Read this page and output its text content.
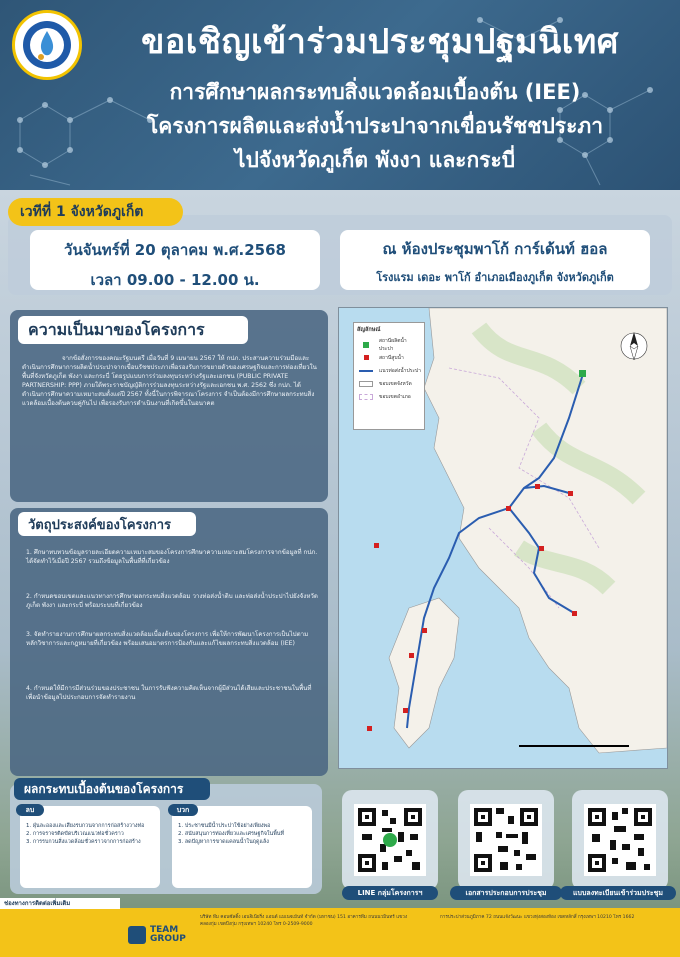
ขอเชิญเข้าร่วมประชุมปฐมนิเทศ
การศึกษาผลกระทบสิ่งแวดล้อมเบื้องต้น (IEE)
โครงการผลิตและส่งน้ำประปาจากเขื่อนรัชชประภา
ไปจังหวัดภูเก็ต พังงา และกระบี่
เวทีที่ 1 จังหวัดภูเก็ต
วันจันทร์ที่ 20 ตุลาคม พ.ศ.2568
เวลา 09.00 - 12.00 น.
ณ ห้องประชุมพาโก้ การ์เด้นท์ ฮอล
โรงแรม เดอะ พาโก้ อำเภอเมืองภูเก็ต จังหวัดภูเก็ต
ความเป็นมาของโครงการ
จากข้อสั่งการของคณะรัฐมนตรี เมื่อวันที่ 9 เมษายน 2567 ให้ กปภ. ประสานความร่วมมือและดำเนินการศึกษาการผลิตน้ำประปาจากเขื่อนรัชชประภาเพื่อรองรับการขยายตัวของเศรษฐกิจและการท่องเที่ยวในพื้นที่จังหวัดภูเก็ต พังงา และกระบี่ โดยรูปแบบการร่วมลงทุนระหว่างรัฐและเอกชน (PUBLIC PRIVATE PARTNERSHIP: PPP) ภายใต้พระราชบัญญัติการร่วมลงทุนระหว่างรัฐและเอกชน พ.ศ. 2562 ซึ่ง กปภ. ได้ดำเนินการศึกษาความเหมาะสมตั้งแต่ปี 2567 ทั้งนี้ในการพิจารณาโครงการ จำเป็นต้องมีการศึกษาผลกระทบสิ่งแวดล้อมเบื้องต้นควบคู่กันไป เพื่อรองรับการดำเนินงานที่เกิดขึ้นในอนาคต
วัตถุประสงค์ของโครงการ
1. ศึกษาทบทวนข้อมูลรายละเอียดความเหมาะสมของโครงการศึกษาความเหมาะสมโครงการจากข้อมูลที่ กปภ. ได้จัดทำไว้เมื่อปี 2567 รวมถึงข้อมูลในพื้นที่ที่เกี่ยวข้อง
2. กำหนดขอบเขตและแนวทางการศึกษาผลกระทบสิ่งแวดล้อม วางท่อส่งน้ำดิบ และท่อส่งน้ำประปาไปยังจังหวัดภูเก็ต พังงา และกระบี่ พร้อมระบบที่เกี่ยวข้อง
3. จัดทำรายงานการศึกษาผลกระทบสิ่งแวดล้อมเบื้องต้นของโครงการ เพื่อให้การพัฒนาโครงการเป็นไปตามหลักวิชาการและกฎหมายที่เกี่ยวข้อง พร้อมเสนอมาตรการป้องกันและแก้ไขผลกระทบสิ่งแวดล้อม (IEE)
4. กำหนดให้มีการมีส่วนร่วมของประชาชน ในการรับฟังความคิดเห็นจากผู้มีส่วนได้เสียและประชาชนในพื้นที่ เพื่อนำข้อมูลไปประกอบการจัดทำรายงาน
สัญลักษณ์
สถานีผลิตน้ำประปา
สถานีสูบน้ำ
แนวท่อส่งน้ำประปา
ขอบเขตจังหวัด
ขอบเขตอำเภอ
ผลกระทบเบื้องต้นของโครงการ
ลบ
1. ฝุ่นละอองและเสียงรบกวนจากการก่อสร้างวางท่อ
2. การจราจรติดขัดบริเวณแนวท่อชั่วคราว
3. การรบกวนสิ่งแวดล้อมชั่วคราวจากการก่อสร้าง
บวก
1. ประชาชนมีน้ำประปาใช้อย่างเพียงพอ
2. สนับสนุนการท่องเที่ยวและเศรษฐกิจในพื้นที่
3. ลดปัญหาการขาดแคลนน้ำในฤดูแล้ง
LINE กลุ่มโครงการฯ	เอกสารประกอบการประชุม	แบบลงทะเบียนเข้าร่วมประชุม
ช่องทางการติดต่อเพิ่มเติม
TEAM GROUP
บริษัท ทีม คอนซัลติ้ง เอนจิเนียริ่ง แอนด์ แมเนจเม้นท์ จำกัด (มหาชน) 151 อาคารทีม ถนนนวมินทร์ แขวงคลองกุ่ม เขตบึงกุ่ม กรุงเทพฯ 10240 โทร 0-2509-9000
การประปาส่วนภูมิภาค 72 ถนนแจ้งวัฒนะ แขวงทุ่งสองห้อง เขตหลักสี่ กรุงเทพฯ 10210 โทร 1662
